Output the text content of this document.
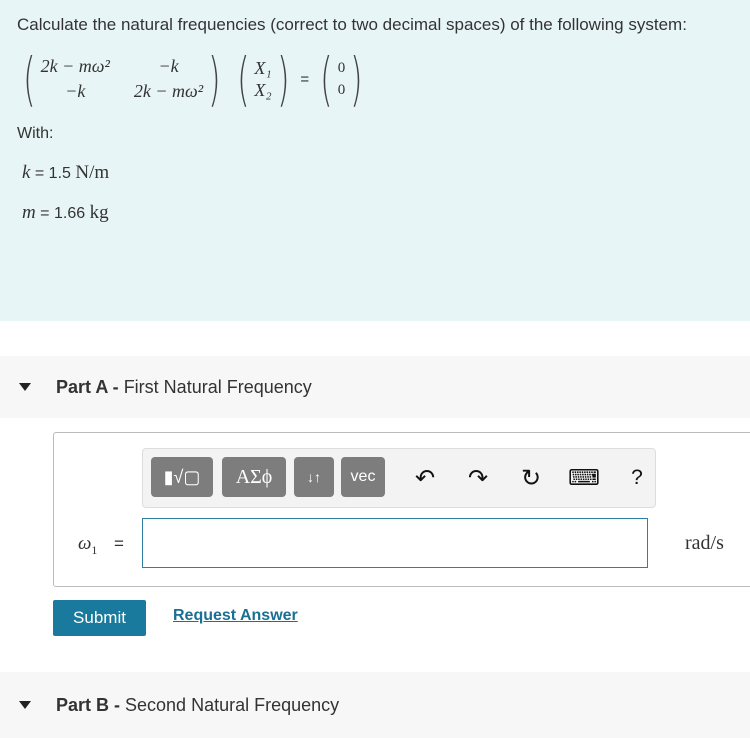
Calculate the natural frequencies (correct to two decimal spaces) of the following system:
( 2k − mω²	−k
−k	2k − mω² ) ( X₁
X₂ ) = ( 0
0 )
With:
k = 1.5 N/m
m = 1.66 kg
Part A - First Natural Frequency
▮√▢ ΑΣϕ ↓↑ vec ↶ ↷ ↻ ⌨	?
$\omega_1$ =	rad/s
Submit	Request Answer
Part B - Second Natural Frequency
